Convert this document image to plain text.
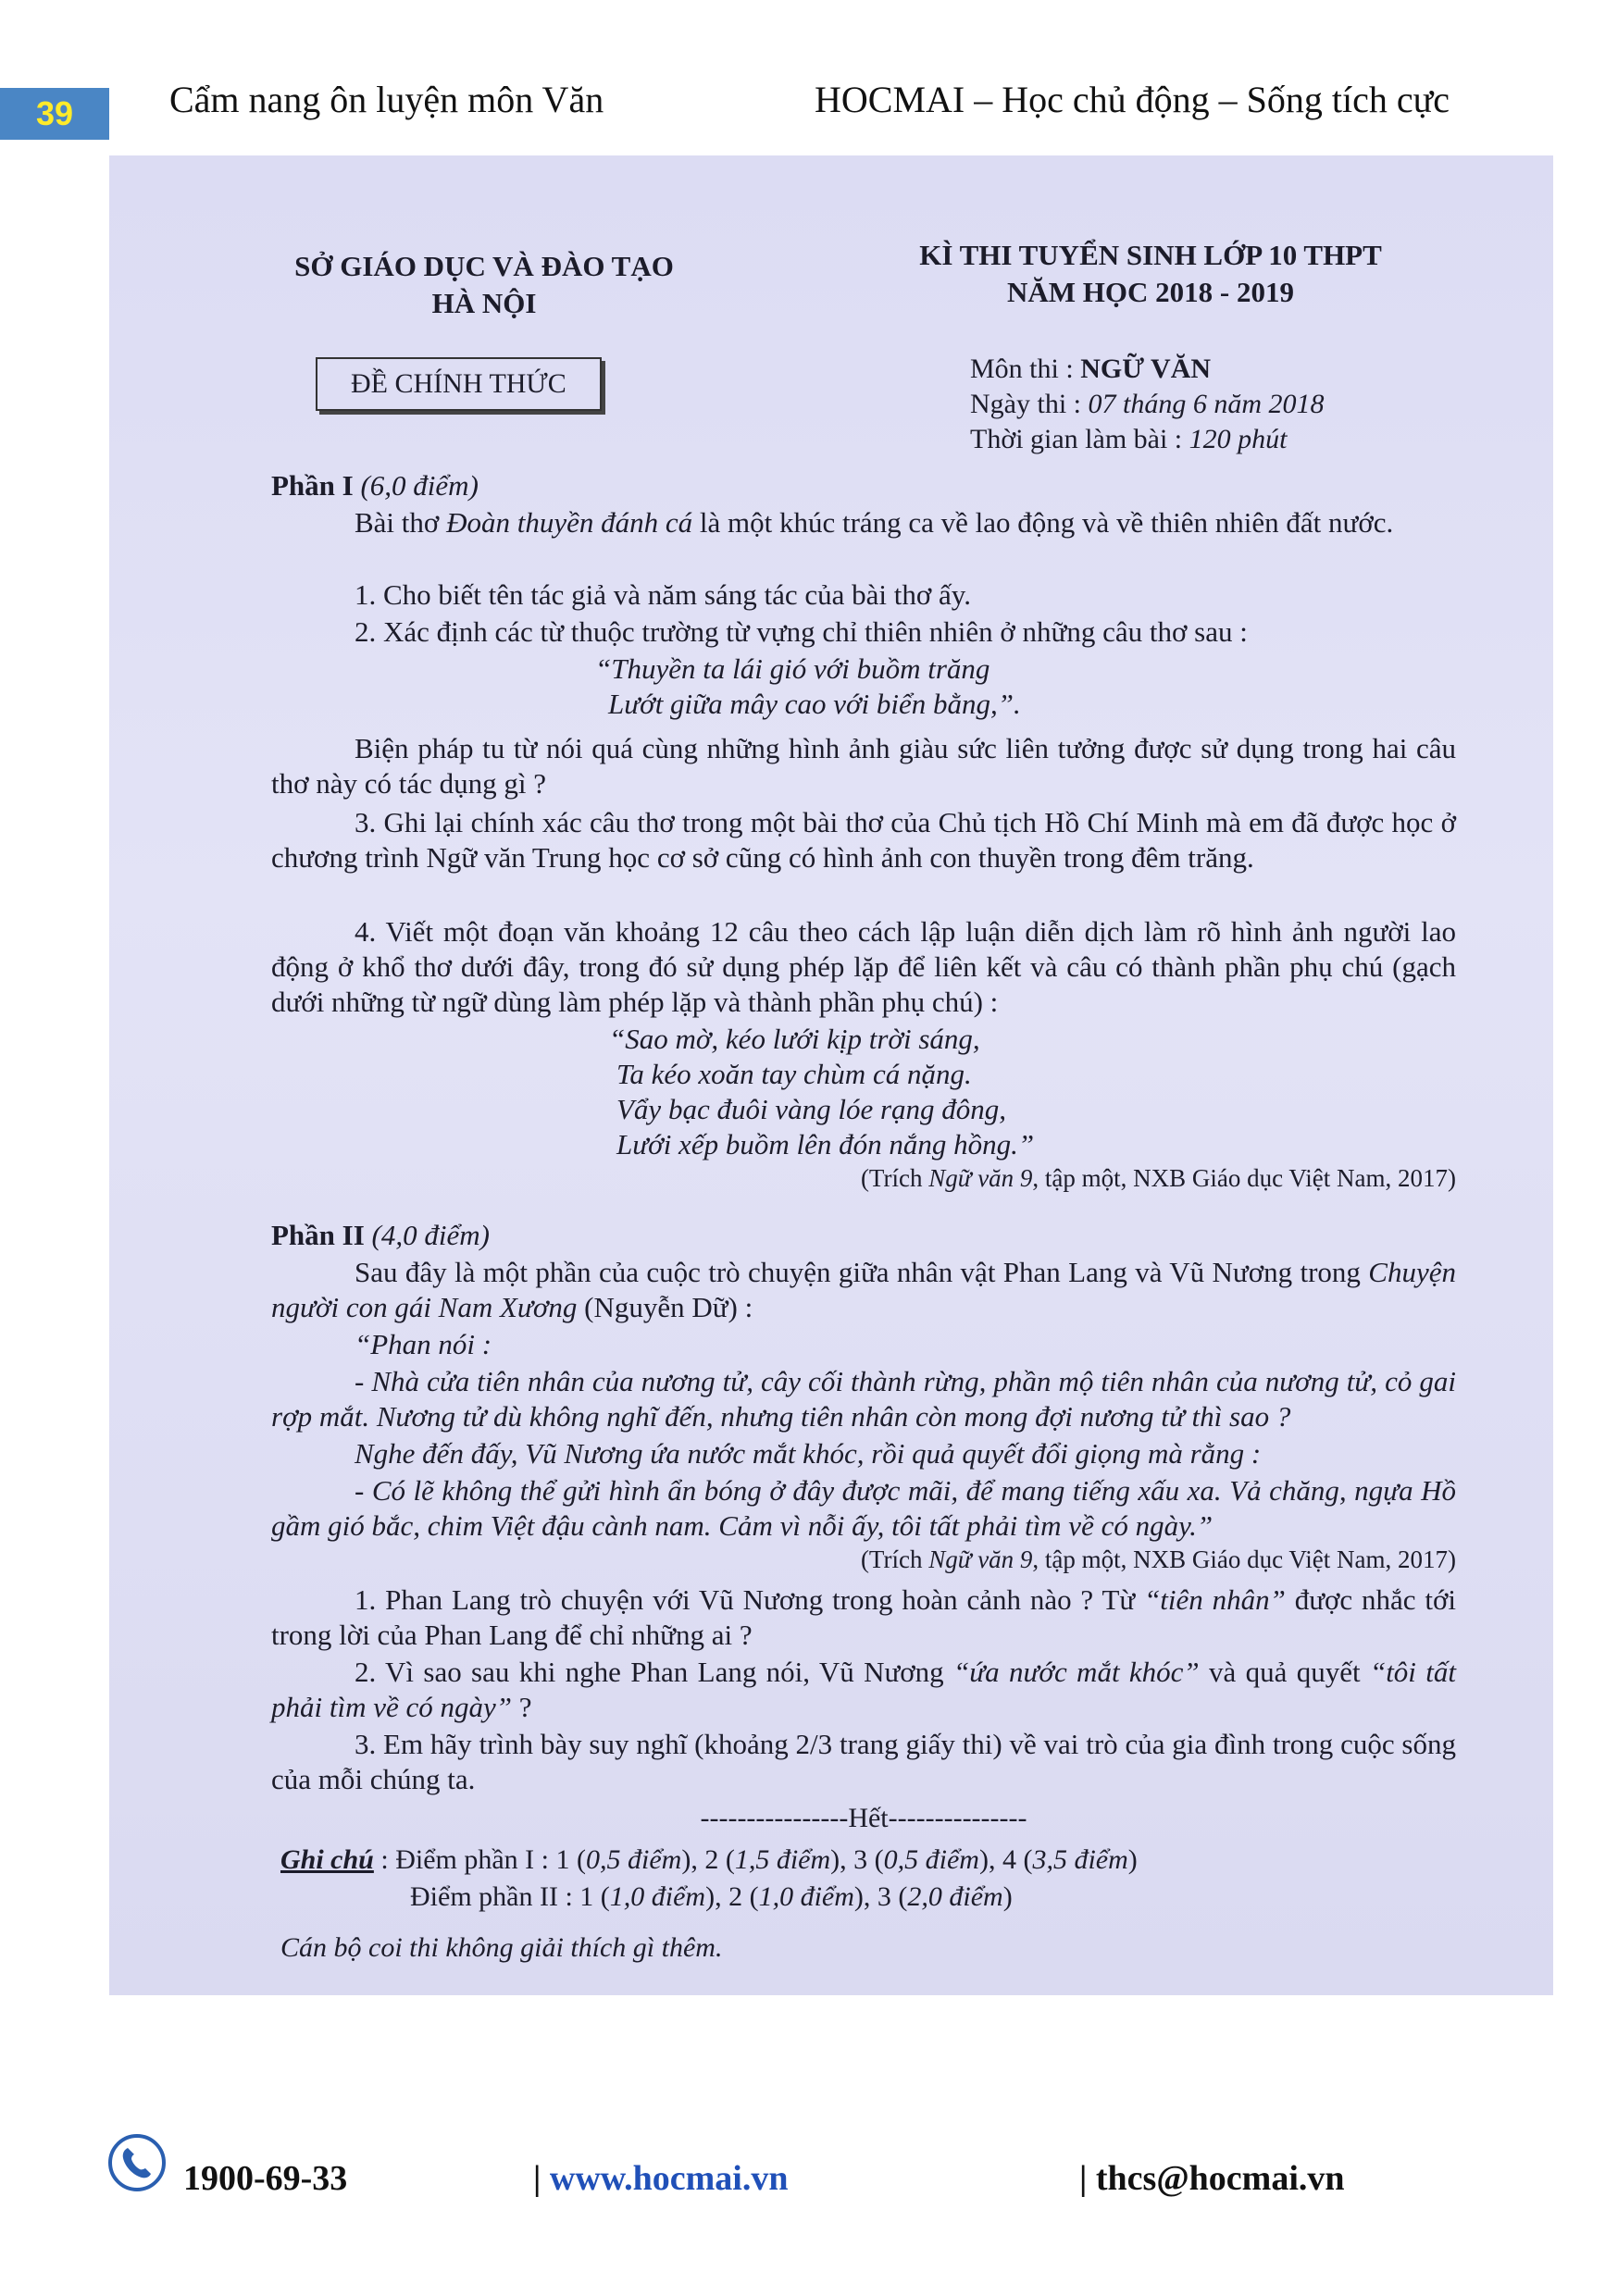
39	Cẩm nang ôn luyện môn Văn	HOCMAI – Học chủ động – Sống tích cực
SỞ GIÁO DỤC VÀ ĐÀO TẠO
HÀ NỘI
ĐỀ CHÍNH THỨC
KÌ THI TUYỂN SINH LỚP 10 THPT
NĂM HỌC 2018 - 2019
Môn thi : NGỮ VĂN
Ngày thi : 07 tháng 6 năm 2018
Thời gian làm bài : 120 phút
Phần I (6,0 điểm)
Bài thơ Đoàn thuyền đánh cá là một khúc tráng ca về lao động và về thiên nhiên đất nước.
1. Cho biết tên tác giả và năm sáng tác của bài thơ ấy.
2. Xác định các từ thuộc trường từ vựng chỉ thiên nhiên ở những câu thơ sau :
“Thuyền ta lái gió với buồm trăng
Lướt giữa mây cao với biển bằng,”.
Biện pháp tu từ nói quá cùng những hình ảnh giàu sức liên tưởng được sử dụng trong hai câu thơ này có tác dụng gì ?
3. Ghi lại chính xác câu thơ trong một bài thơ của Chủ tịch Hồ Chí Minh mà em đã được học ở chương trình Ngữ văn Trung học cơ sở cũng có hình ảnh con thuyền trong đêm trăng.
4. Viết một đoạn văn khoảng 12 câu theo cách lập luận diễn dịch làm rõ hình ảnh người lao động ở khổ thơ dưới đây, trong đó sử dụng phép lặp để liên kết và câu có thành phần phụ chú (gạch dưới những từ ngữ dùng làm phép lặp và thành phần phụ chú) :
“Sao mờ, kéo lưới kịp trời sáng,
Ta kéo xoăn tay chùm cá nặng.
Vẩy bạc đuôi vàng lóe rạng đông,
Lưới xếp buồm lên đón nắng hồng.”
(Trích Ngữ văn 9, tập một, NXB Giáo dục Việt Nam, 2017)
Phần II (4,0 điểm)
Sau đây là một phần của cuộc trò chuyện giữa nhân vật Phan Lang và Vũ Nương trong Chuyện người con gái Nam Xương (Nguyễn Dữ) :
“Phan nói :
- Nhà cửa tiên nhân của nương tử, cây cối thành rừng, phần mộ tiên nhân của nương tử, cỏ gai rợp mắt. Nương tử dù không nghĩ đến, nhưng tiên nhân còn mong đợi nương tử thì sao ?
Nghe đến đấy, Vũ Nương ứa nước mắt khóc, rồi quả quyết đổi giọng mà rằng :
- Có lẽ không thể gửi hình ẩn bóng ở đây được mãi, để mang tiếng xấu xa. Vả chăng, ngựa Hồ gầm gió bắc, chim Việt đậu cành nam. Cảm vì nỗi ấy, tôi tất phải tìm về có ngày.”
(Trích Ngữ văn 9, tập một, NXB Giáo dục Việt Nam, 2017)
1. Phan Lang trò chuyện với Vũ Nương trong hoàn cảnh nào ? Từ “tiên nhân” được nhắc tới trong lời của Phan Lang để chỉ những ai ?
2. Vì sao sau khi nghe Phan Lang nói, Vũ Nương “ứa nước mắt khóc” và quả quyết “tôi tất phải tìm về có ngày” ?
3. Em hãy trình bày suy nghĩ (khoảng 2/3 trang giấy thi) về vai trò của gia đình trong cuộc sống của mỗi chúng ta.
----------------Hết---------------
Ghi chú : Điểm phần I : 1 (0,5 điểm), 2 (1,5 điểm), 3 (0,5 điểm), 4 (3,5 điểm)
Điểm phần II : 1 (1,0 điểm), 2 (1,0 điểm), 3 (2,0 điểm)
Cán bộ coi thi không giải thích gì thêm.
1900-69-33	| www.hocmai.vn	| thcs@hocmai.vn
